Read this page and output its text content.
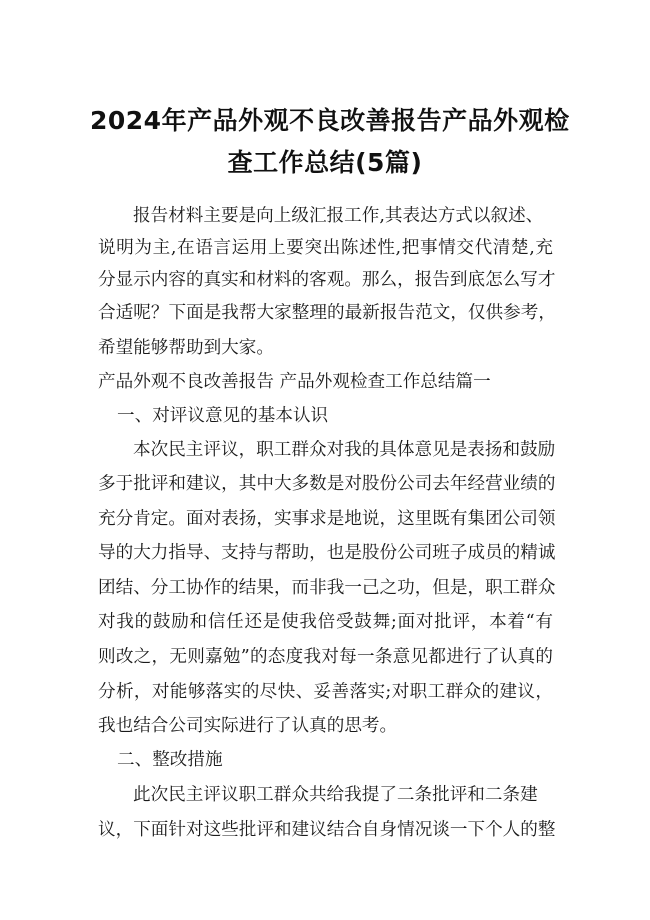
2024年产品外观不良改善报告产品外观检
查工作总结(5篇)
报告材料主要是向上级汇报工作,其表达方式以叙述、
说明为主,在语言运用上要突出陈述性,把事情交代清楚,充
分显示内容的真实和材料的客观。那么，报告到底怎么写才
合适呢？下面是我帮大家整理的最新报告范文，仅供参考，
希望能够帮助到大家。
产品外观不良改善报告 产品外观检查工作总结篇一
一、对评议意见的基本认识
本次民主评议，职工群众对我的具体意见是表扬和鼓励
多于批评和建议，其中大多数是对股份公司去年经营业绩的
充分肯定。面对表扬，实事求是地说，这里既有集团公司领
导的大力指导、支持与帮助，也是股份公司班子成员的精诚
团结、分工协作的结果，而非我一己之功，但是，职工群众
对我的鼓励和信任还是使我倍受鼓舞;面对批评，本着“有
则改之，无则嘉勉”的态度我对每一条意见都进行了认真的
分析，对能够落实的尽快、妥善落实;对职工群众的建议，
我也结合公司实际进行了认真的思考。
二、整改措施
此次民主评议职工群众共给我提了二条批评和二条建
议，下面针对这些批评和建议结合自身情况谈一下个人的整
